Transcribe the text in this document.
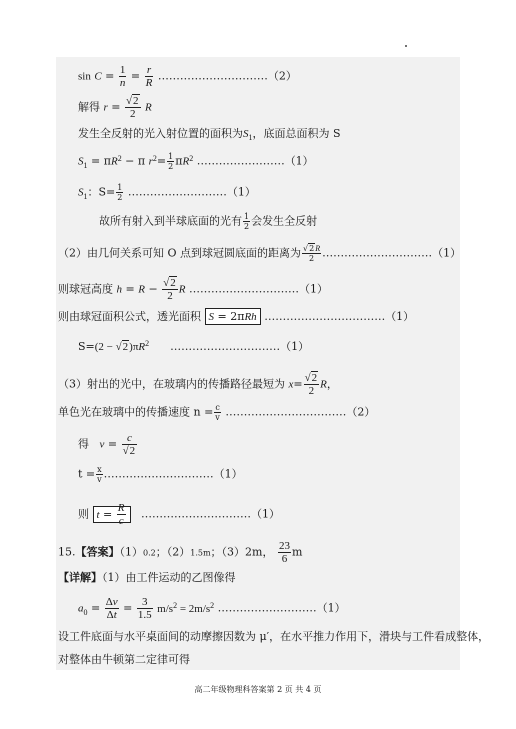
$\sin C = \frac{1}{n} = \frac{r}{R}$ …………………………（2）
解得 $r = \frac{√2}{2}$ R
发生全反射的光入射位置的面积为$S_1$，底面总面积为 S
$S_1 = \pi R^2 - \pi$ $r^2= \frac{1}{2} \pi R^2$ ……………………（1）
$S_1$：$S= \frac{1}{2}$ ………………………（1）
故所有射入到半球底面的光有 $\frac{1}{2}$ 会发生全反射
（2）由几何关系可知 O 点到球冠圆底面的距离为 $\frac{√2R}{2}$ …………………………（1）
则球冠高度 $h = R - \frac{√2}{2}$ R …………………………（1）
则由球冠面积公式，透光面积 S = 2πRh ……………………………（1）
$S=(2 - √2)\pi R^2$ …………………………（1）
（3）射出的光中，在玻璃内的传播路径最短为 $x= \frac{√2}{2}$ R，
单色光在玻璃中的传播速度 $n = \frac{c}{v}$ ……………………………（2）
得 $v = \frac{c}{√2}$
$t = \frac{x}{v}$ …………………………（1）
则 $t = \frac{R}{c}$ …………………………（1）
15.【答案】（1）0.2；（2）1.5m；（3）2m， $\frac{23}{6}$ m
【详解】（1）由工件运动的乙图像得
$a_0 = \frac{\Delta v}{\Delta t} = \frac{3}{1.5} m/s^2 = 2m/s^2$ ………………………（1）
设工件底面与水平桌面间的动摩擦因数为 μ′，在水平推力作用下，滑块与工件看成整体，
对整体由牛顿第二定律可得
高二年级物理科答案第 2 页 共 4 页
